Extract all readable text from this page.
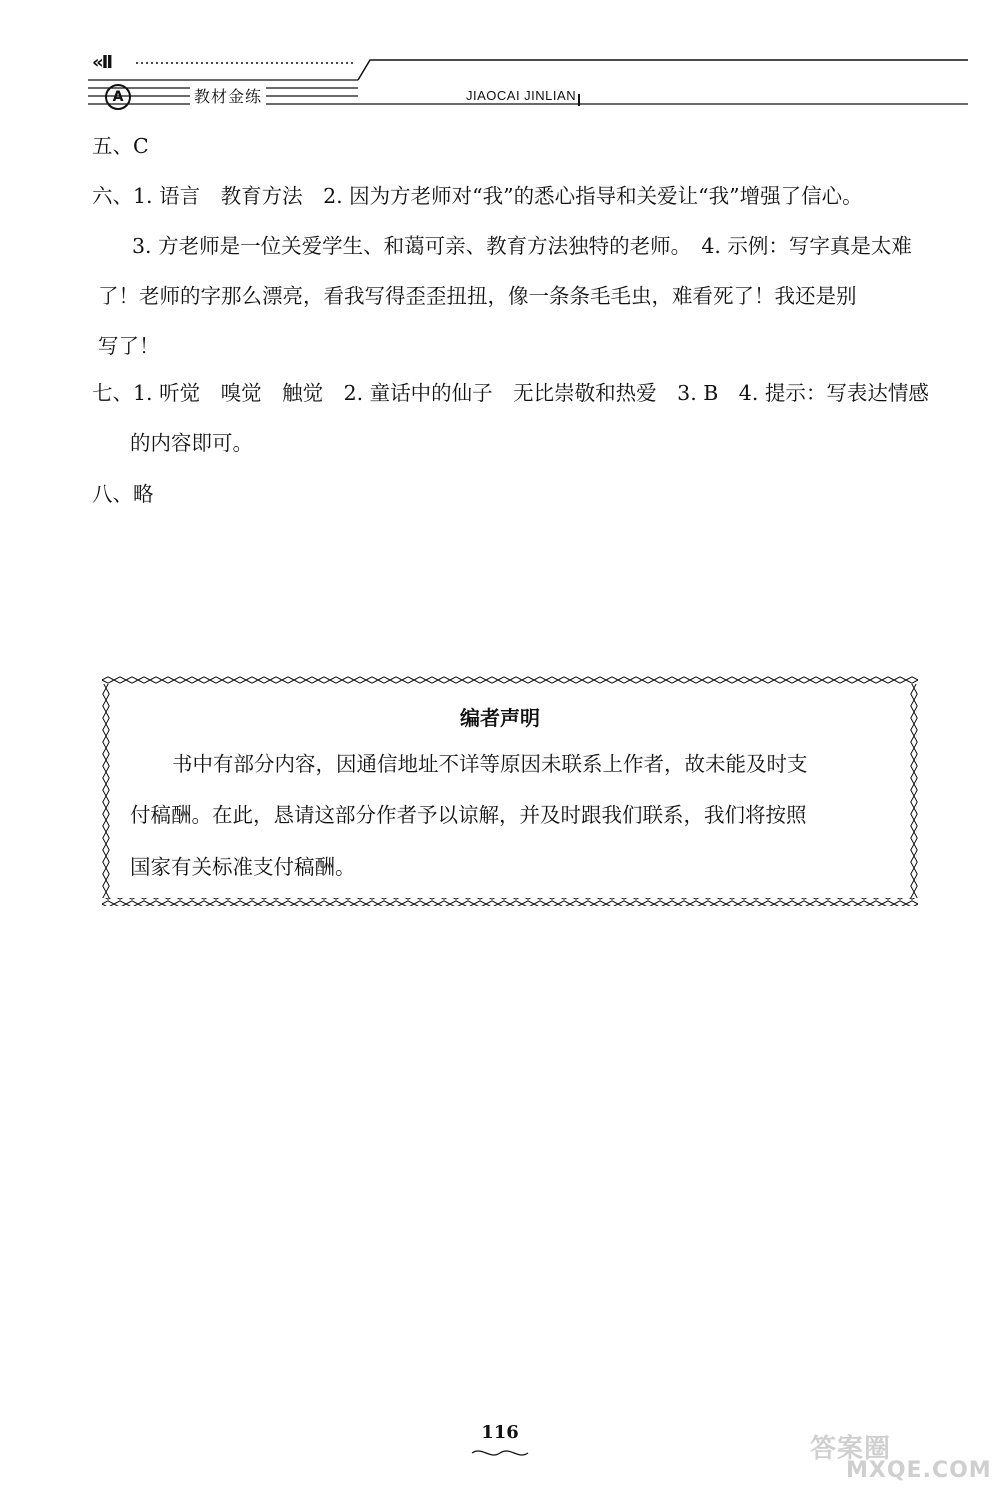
«II
A	教材金练	JIAOCAI JINLIAN
五、C
六、1. 语言　教育方法　2. 因为方老师对“我”的悉心指导和关爱让“我”增强了信心。
3. 方老师是一位关爱学生、和蔼可亲、教育方法独特的老师。　4. 示例：写字真是太难
了！老师的字那么漂亮，看我写得歪歪扭扭，像一条条毛毛虫，难看死了！我还是别
写了！
七、1. 听觉　嗅觉　触觉　2. 童话中的仙子　无比崇敬和热爱　3. B　4. 提示：写表达情感
的内容即可。
八、略
编者声明
书中有部分内容，因通信地址不详等原因未联系上作者，故未能及时支
付稿酬。在此，恳请这部分作者予以谅解，并及时跟我们联系，我们将按照
国家有关标准支付稿酬。
116
答案圈
MXQE.COM
